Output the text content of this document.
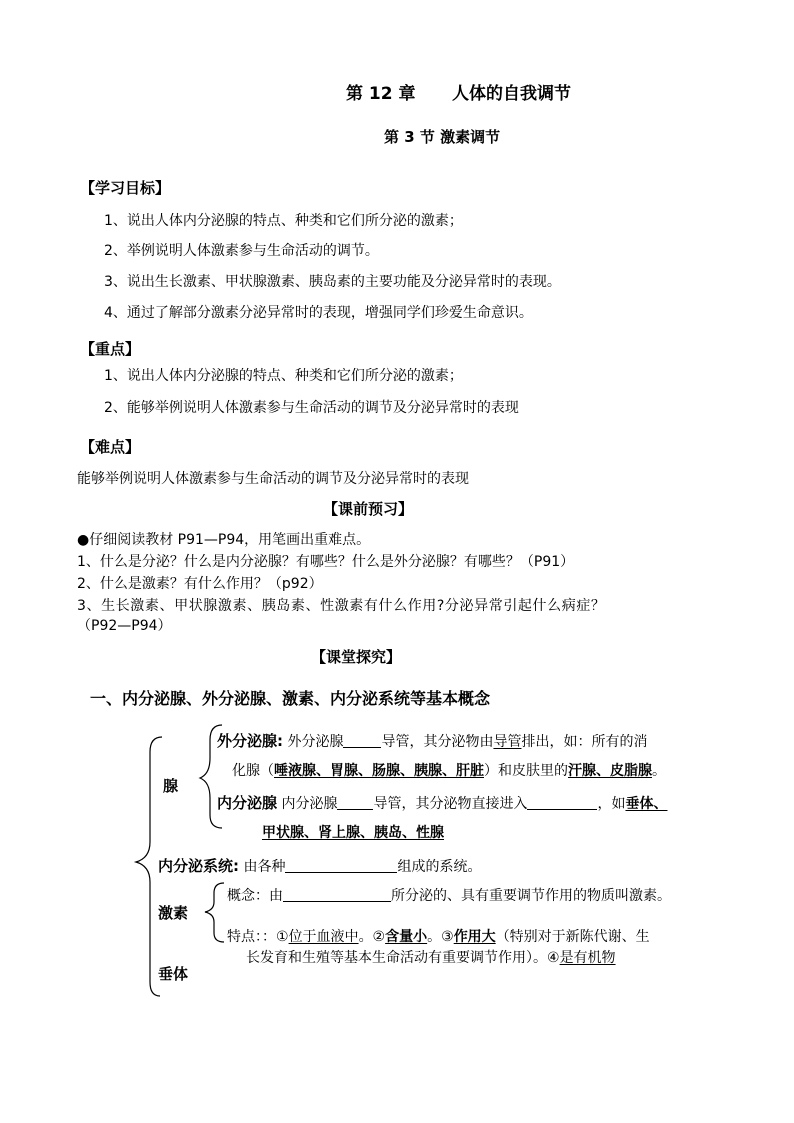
第 12 章 人体的自我调节
第 3 节 激素调节
【学习目标】
1、说出人体内分泌腺的特点、种类和它们所分泌的激素；
2、举例说明人体激素参与生命活动的调节。
3、说出生长激素、甲状腺激素、胰岛素的主要功能及分泌异常时的表现。
4、通过了解部分激素分泌异常时的表现，增强同学们珍爱生命意识。
【重点】
1、说出人体内分泌腺的特点、种类和它们所分泌的激素；
2、能够举例说明人体激素参与生命活动的调节及分泌异常时的表现
【难点】
能够举例说明人体激素参与生命活动的调节及分泌异常时的表现
【课前预习】
●仔细阅读教材 P91—P94，用笔画出重难点。
1、什么是分泌？什么是内分泌腺？有哪些？什么是外分泌腺？有哪些？（P91）
2、什么是激素？有什么作用？（p92）
3、生长激素、甲状腺激素、胰岛素、性激素有什么作用?分泌异常引起什么病症？
（P92—P94）
【课堂探究】
一、内分泌腺、外分泌腺、激素、内分泌系统等基本概念
腺
外分泌腺: 外分泌腺	导管，其分泌物由导管排出，如：所有的消
化腺（唾液腺、胃腺、肠腺、胰腺、肝脏）和皮肤里的汗腺、皮脂腺。
内分泌腺 内分泌腺	导管，其分泌物直接进入	，如垂体、
甲状腺、肾上腺、胰岛、性腺
内分泌系统: 由各种	组成的系统。
激素
概念：由	所分泌的、具有重要调节作用的物质叫激素。
特点：：①位于血液中。②含量小。③作用大（特别对于新陈代谢、生
长发育和生殖等基本生命活动有重要调节作用）。④是有机物
垂体
